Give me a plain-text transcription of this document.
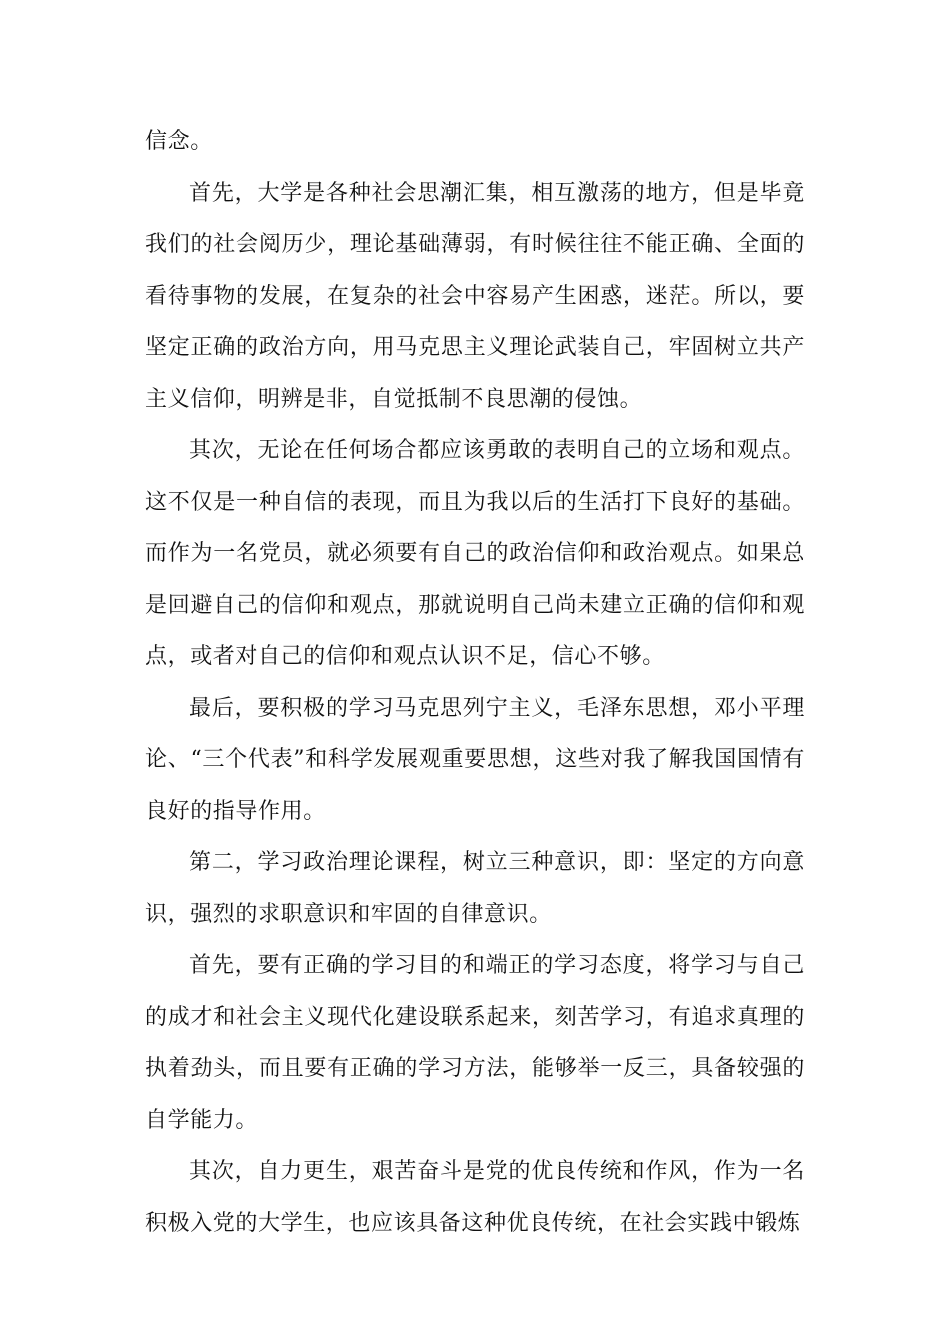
信念。

首先，大学是各种社会思潮汇集，相互激荡的地方，但是毕竟我们的社会阅历少，理论基础薄弱，有时候往往不能正确、全面的看待事物的发展，在复杂的社会中容易产生困惑，迷茫。所以，要坚定正确的政治方向，用马克思主义理论武装自己，牢固树立共产主义信仰，明辨是非，自觉抵制不良思潮的侵蚀。

其次，无论在任何场合都应该勇敢的表明自己的立场和观点。这不仅是一种自信的表现，而且为我以后的生活打下良好的基础。而作为一名党员，就必须要有自己的政治信仰和政治观点。如果总是回避自己的信仰和观点，那就说明自己尚未建立正确的信仰和观点，或者对自己的信仰和观点认识不足，信心不够。

最后，要积极的学习马克思列宁主义，毛泽东思想，邓小平理论、“三个代表”和科学发展观重要思想，这些对我了解我国国情有良好的指导作用。

第二，学习政治理论课程，树立三种意识，即：坚定的方向意识，强烈的求职意识和牢固的自律意识。

首先，要有正确的学习目的和端正的学习态度，将学习与自己的成才和社会主义现代化建设联系起来，刻苦学习，有追求真理的执着劲头，而且要有正确的学习方法，能够举一反三，具备较强的自学能力。

其次，自力更生，艰苦奋斗是党的优良传统和作风，作为一名积极入党的大学生，也应该具备这种优良传统，在社会实践中锻炼
